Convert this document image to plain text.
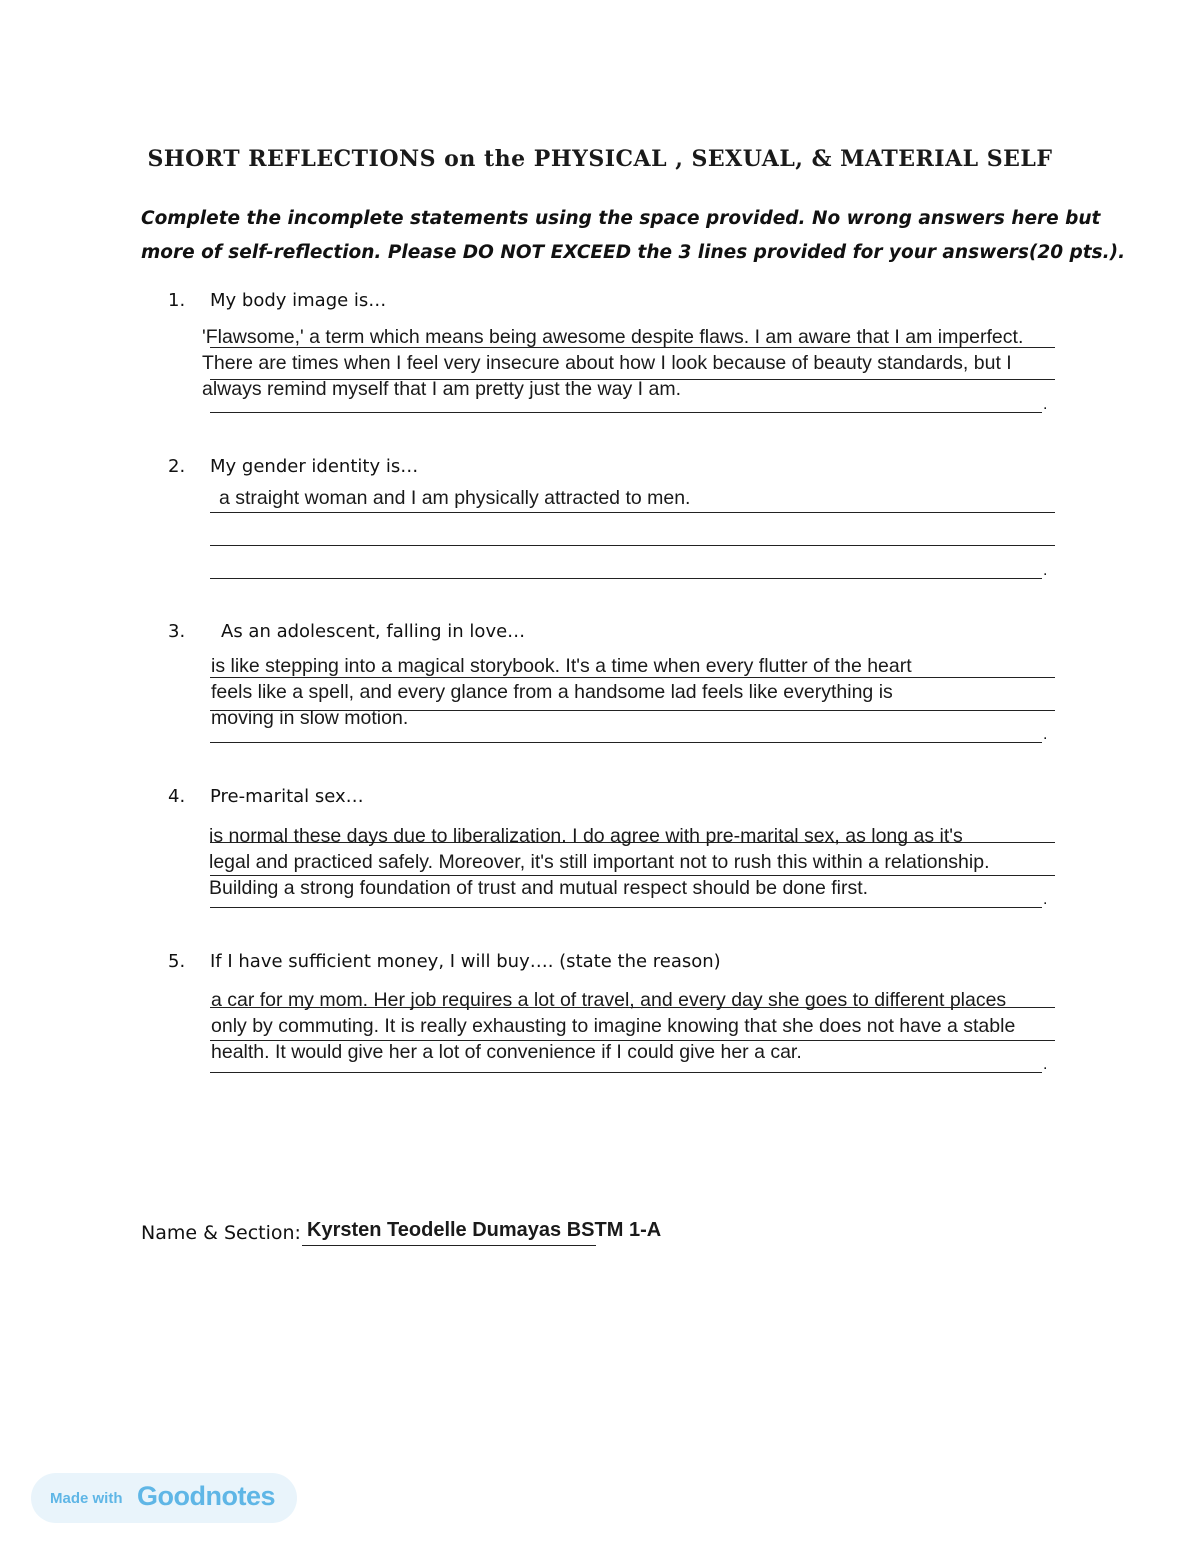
SHORT REFLECTIONS on the PHYSICAL , SEXUAL, & MATERIAL SELF
Complete the incomplete statements using the space provided. No wrong answers here but
more of self-reflection. Please DO NOT EXCEED the 3 lines provided for your answers(20 pts.).
1. My body image is…
.
'Flawsome,' a term which means being awesome despite flaws. I am aware that I am imperfect.
There are times when I feel very insecure about how I look because of beauty standards, but I
always remind myself that I am pretty just the way I am.
2. My gender identity is…
.
a straight woman and I am physically attracted to men.
3. As an adolescent, falling in love…
.
is like stepping into a magical storybook. It's a time when every flutter of the heart
feels like a spell, and every glance from a handsome lad feels like everything is
moving in slow motion.
4. Pre-marital sex…
.
is normal these days due to liberalization. I do agree with pre-marital sex, as long as it's
legal and practiced safely. Moreover, it's still important not to rush this within a relationship.
Building a strong foundation of trust and mutual respect should be done first.
5. If I have sufficient money, I will buy…. (state the reason)
.
a car for my mom. Her job requires a lot of travel, and every day she goes to different places
only by commuting. It is really exhausting to imagine knowing that she does not have a stable
health. It would give her a lot of convenience if I could give her a car.
Name & Section: Kyrsten Teodelle Dumayas BSTM 1-A
Made with Goodnotes
